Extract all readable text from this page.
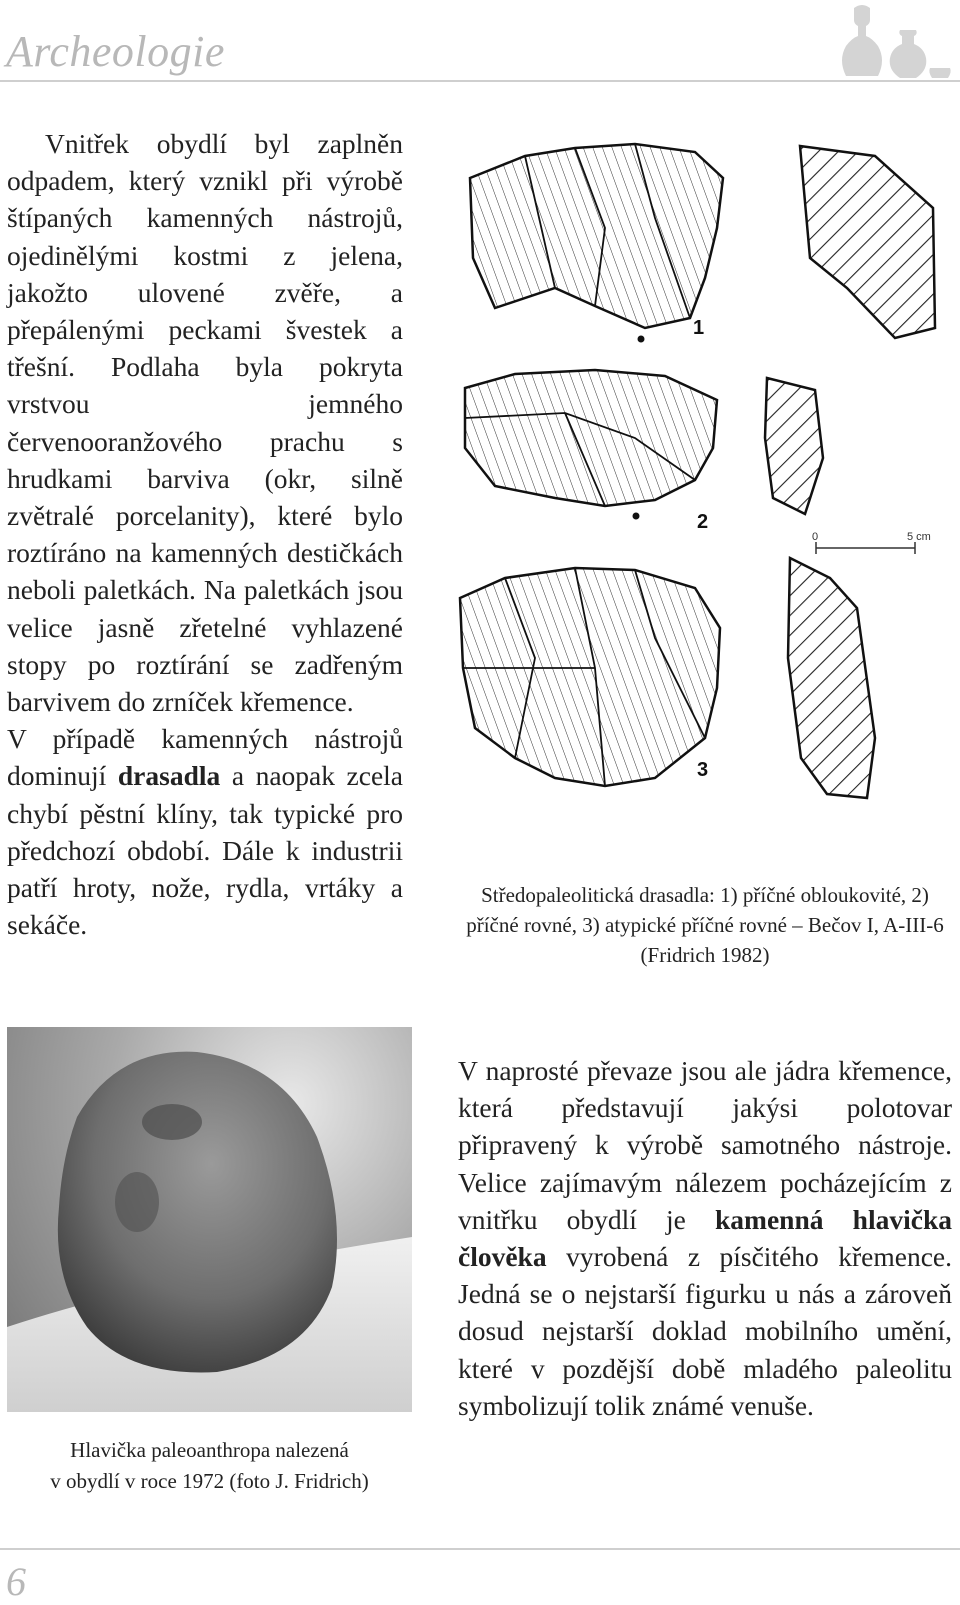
Archeologie

Vnitřek obydlí byl zaplněn odpadem, který vznikl při výrobě štípaných kamenných nástrojů, ojedinělými kostmi z jelena, jakožto ulovené zvěře, a přepálenými peckami švestek a třešní. Podlaha byla pokryta vrstvou jemného červenooranžového prachu s hrudkami barviva (okr, silně zvětralé porcelanity), které bylo roztíráno na kamenných destičkách neboli paletkách. Na paletkách jsou velice jasně zřetelné vyhlazené stopy po roztírání se zadřeným barvivem do zrníček křemence.

V případě kamenných nástrojů dominují drasadla a naopak zcela chybí pěstní klíny, tak typické pro předchozí období. Dále k industrii patří hroty, nože, rydla, vrtáky a sekáče.

1
2
0	5 cm
3
Středopaleolitická drasadla: 1) příčné obloukovité, 2) příčné rovné, 3) atypické příčné rovné – Bečov I, A-III-6 (Fridrich 1982)
Hlavička paleoanthropa nalezená
v obydlí v roce 1972 (foto J. Fridrich)

V naprosté převaze jsou ale jádra křemence, která představují jakýsi polotovar připravený k výrobě samotného nástroje. Velice zajímavým nálezem pocházejícím z vnitřku obydlí je kamenná hlavička člověka vyrobená z písčitého křemence. Jedná se o nejstarší figurku u nás a zároveň dosud nejstarší doklad mobilního umění, které v pozdější době mladého paleolitu symbolizují tolik známé venuše.

6
